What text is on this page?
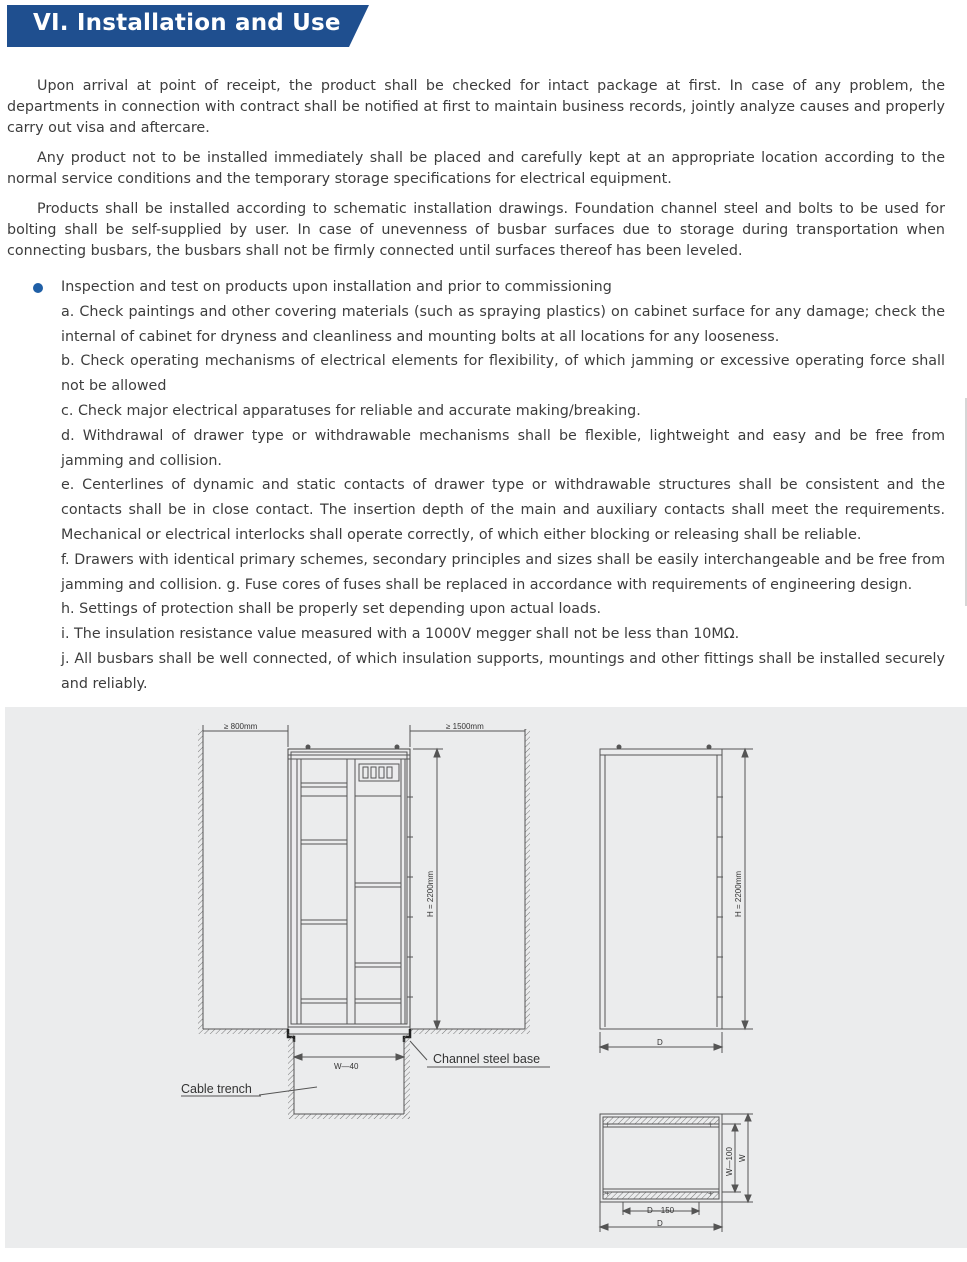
VI. Installation and Use

Upon arrival at point of receipt, the product shall be checked for intact package at first. In case of any problem, the departments in connection with contract shall be notified at first to maintain business records, jointly analyze causes and properly carry out visa and aftercare.

Any product not to be installed immediately shall be placed and carefully kept at an appropriate location according to the normal service conditions and the temporary storage specifications for electrical equipment.

Products shall be installed according to schematic installation drawings. Foundation channel steel and bolts to be used for bolting shall be self-supplied by user. In case of unevenness of busbar surfaces due to storage during transportation when connecting busbars, the busbars shall not be firmly connected until surfaces thereof has been leveled.

Inspection and test on products upon installation and prior to commissioning

a. Check paintings and other covering materials (such as spraying plastics) on cabinet surface for any damage; check the internal of cabinet for dryness and cleanliness and mounting bolts at all locations for any looseness.

b. Check operating mechanisms of electrical elements for flexibility, of which jamming or excessive operating force shall not be allowed

c. Check major electrical apparatuses for reliable and accurate making/breaking.

d. Withdrawal of drawer type or withdrawable mechanisms shall be flexible, lightweight and easy and be free from jamming and collision.

e. Centerlines of dynamic and static contacts of drawer type or withdrawable structures shall be consistent and the contacts shall be in close contact. The insertion depth of the main and auxiliary contacts shall meet the requirements. Mechanical or electrical interlocks shall operate correctly, of which either blocking or releasing shall be reliable.

f. Drawers with identical primary schemes, secondary principles and sizes shall be easily interchangeable and be free from jamming and collision. g. Fuse cores of fuses shall be replaced in accordance with requirements of engineering design.

h. Settings of protection shall be properly set depending upon actual loads.

i. The insulation resistance value measured with a 1000V megger shall not be less than 10MΩ.

j. All busbars shall be well connected, of which insulation supports, mountings and other fittings shall be installed securely and reliably.

≥ 800mm	≥ 1500mm
H = 2200mm
W—40
Channel steel base
Cable trench
H = 2200mm
D
+	+
+	+
W—100 W
D—150
D
